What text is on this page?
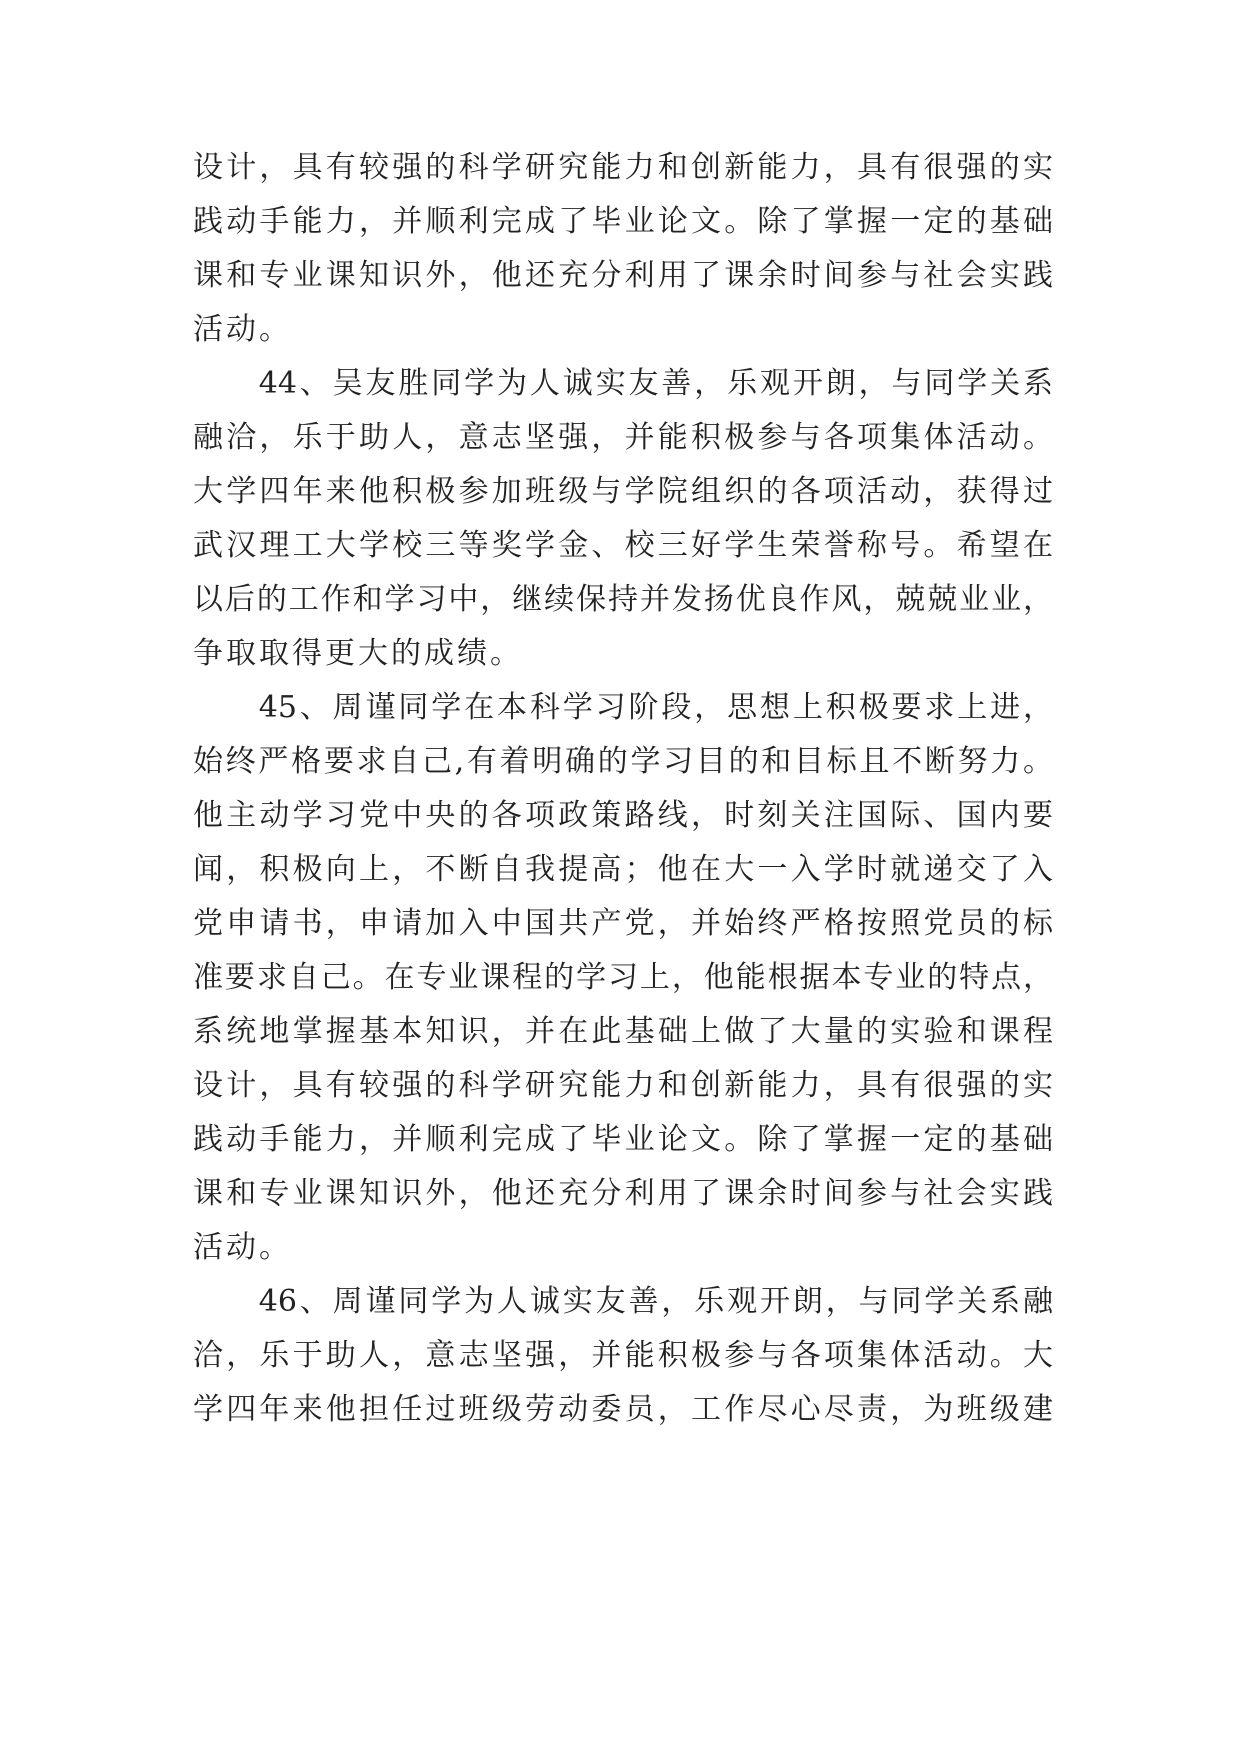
设计，具有较强的科学研究能力和创新能力，具有很强的实
践动手能力，并顺利完成了毕业论文。除了掌握一定的基础
课和专业课知识外，他还充分利用了课余时间参与社会实践
活动。
　　44、吴友胜同学为人诚实友善，乐观开朗，与同学关系
融洽，乐于助人，意志坚强，并能积极参与各项集体活动。
大学四年来他积极参加班级与学院组织的各项活动，获得过
武汉理工大学校三等奖学金、校三好学生荣誉称号。希望在
以后的工作和学习中，继续保持并发扬优良作风，兢兢业业，
争取取得更大的成绩。
　　45、周谨同学在本科学习阶段，思想上积极要求上进，
始终严格要求自己,有着明确的学习目的和目标且不断努力。
他主动学习党中央的各项政策路线，时刻关注国际、国内要
闻，积极向上，不断自我提高；他在大一入学时就递交了入
党申请书，申请加入中国共产党，并始终严格按照党员的标
准要求自己。在专业课程的学习上，他能根据本专业的特点，
系统地掌握基本知识，并在此基础上做了大量的实验和课程
设计，具有较强的科学研究能力和创新能力，具有很强的实
践动手能力，并顺利完成了毕业论文。除了掌握一定的基础
课和专业课知识外，他还充分利用了课余时间参与社会实践
活动。
　　46、周谨同学为人诚实友善，乐观开朗，与同学关系融
洽，乐于助人，意志坚强，并能积极参与各项集体活动。大
学四年来他担任过班级劳动委员，工作尽心尽责，为班级建
